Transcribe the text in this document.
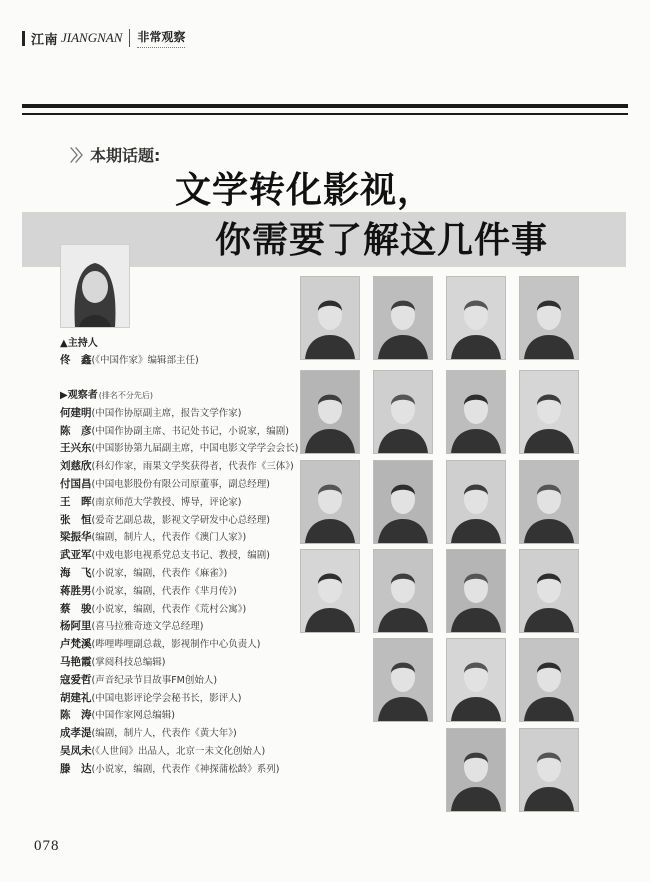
江南 JIANGNAN 非常观察
〉〉 本期话题:
文学转化影视，
你需要了解这几件事
▲主持人
佟　鑫(《中国作家》编辑部主任)
▶观察者(排名不分先后)
何建明(中国作协原副主席，报告文学作家)
陈　彦(中国作协副主席、书记处书记，小说家，编剧)
王兴东(中国影协第九届副主席，中国电影文学学会会长)
刘慈欣(科幻作家，雨果文学奖获得者，代表作《三体》)
付国昌(中国电影股份有限公司原董事，副总经理)
王　晖(南京师范大学教授、博导，评论家)
张　恒(爱奇艺副总裁，影视文学研发中心总经理)
梁振华(编剧，制片人，代表作《澳门人家》)
武亚军(中戏电影电视系党总支书记、教授，编剧)
海　飞(小说家，编剧，代表作《麻雀》)
蒋胜男(小说家，编剧，代表作《芈月传》)
蔡　骏(小说家，编剧，代表作《荒村公寓》)
杨阿里(喜马拉雅奇迹文学总经理)
卢梵溪(哔哩哔哩副总裁，影视制作中心负责人)
马艳霞(掌阅科技总编辑)
寇爱哲(声音纪录节目故事FM创始人)
胡建礼(中国电影评论学会秘书长，影评人)
陈　涛(中国作家网总编辑)
成孝湜(编剧，制片人，代表作《黄大年》)
吴凤未(《人世间》出品人，北京一未文化创始人)
滕　达(小说家，编剧，代表作《神探蒲松龄》系列)
078
